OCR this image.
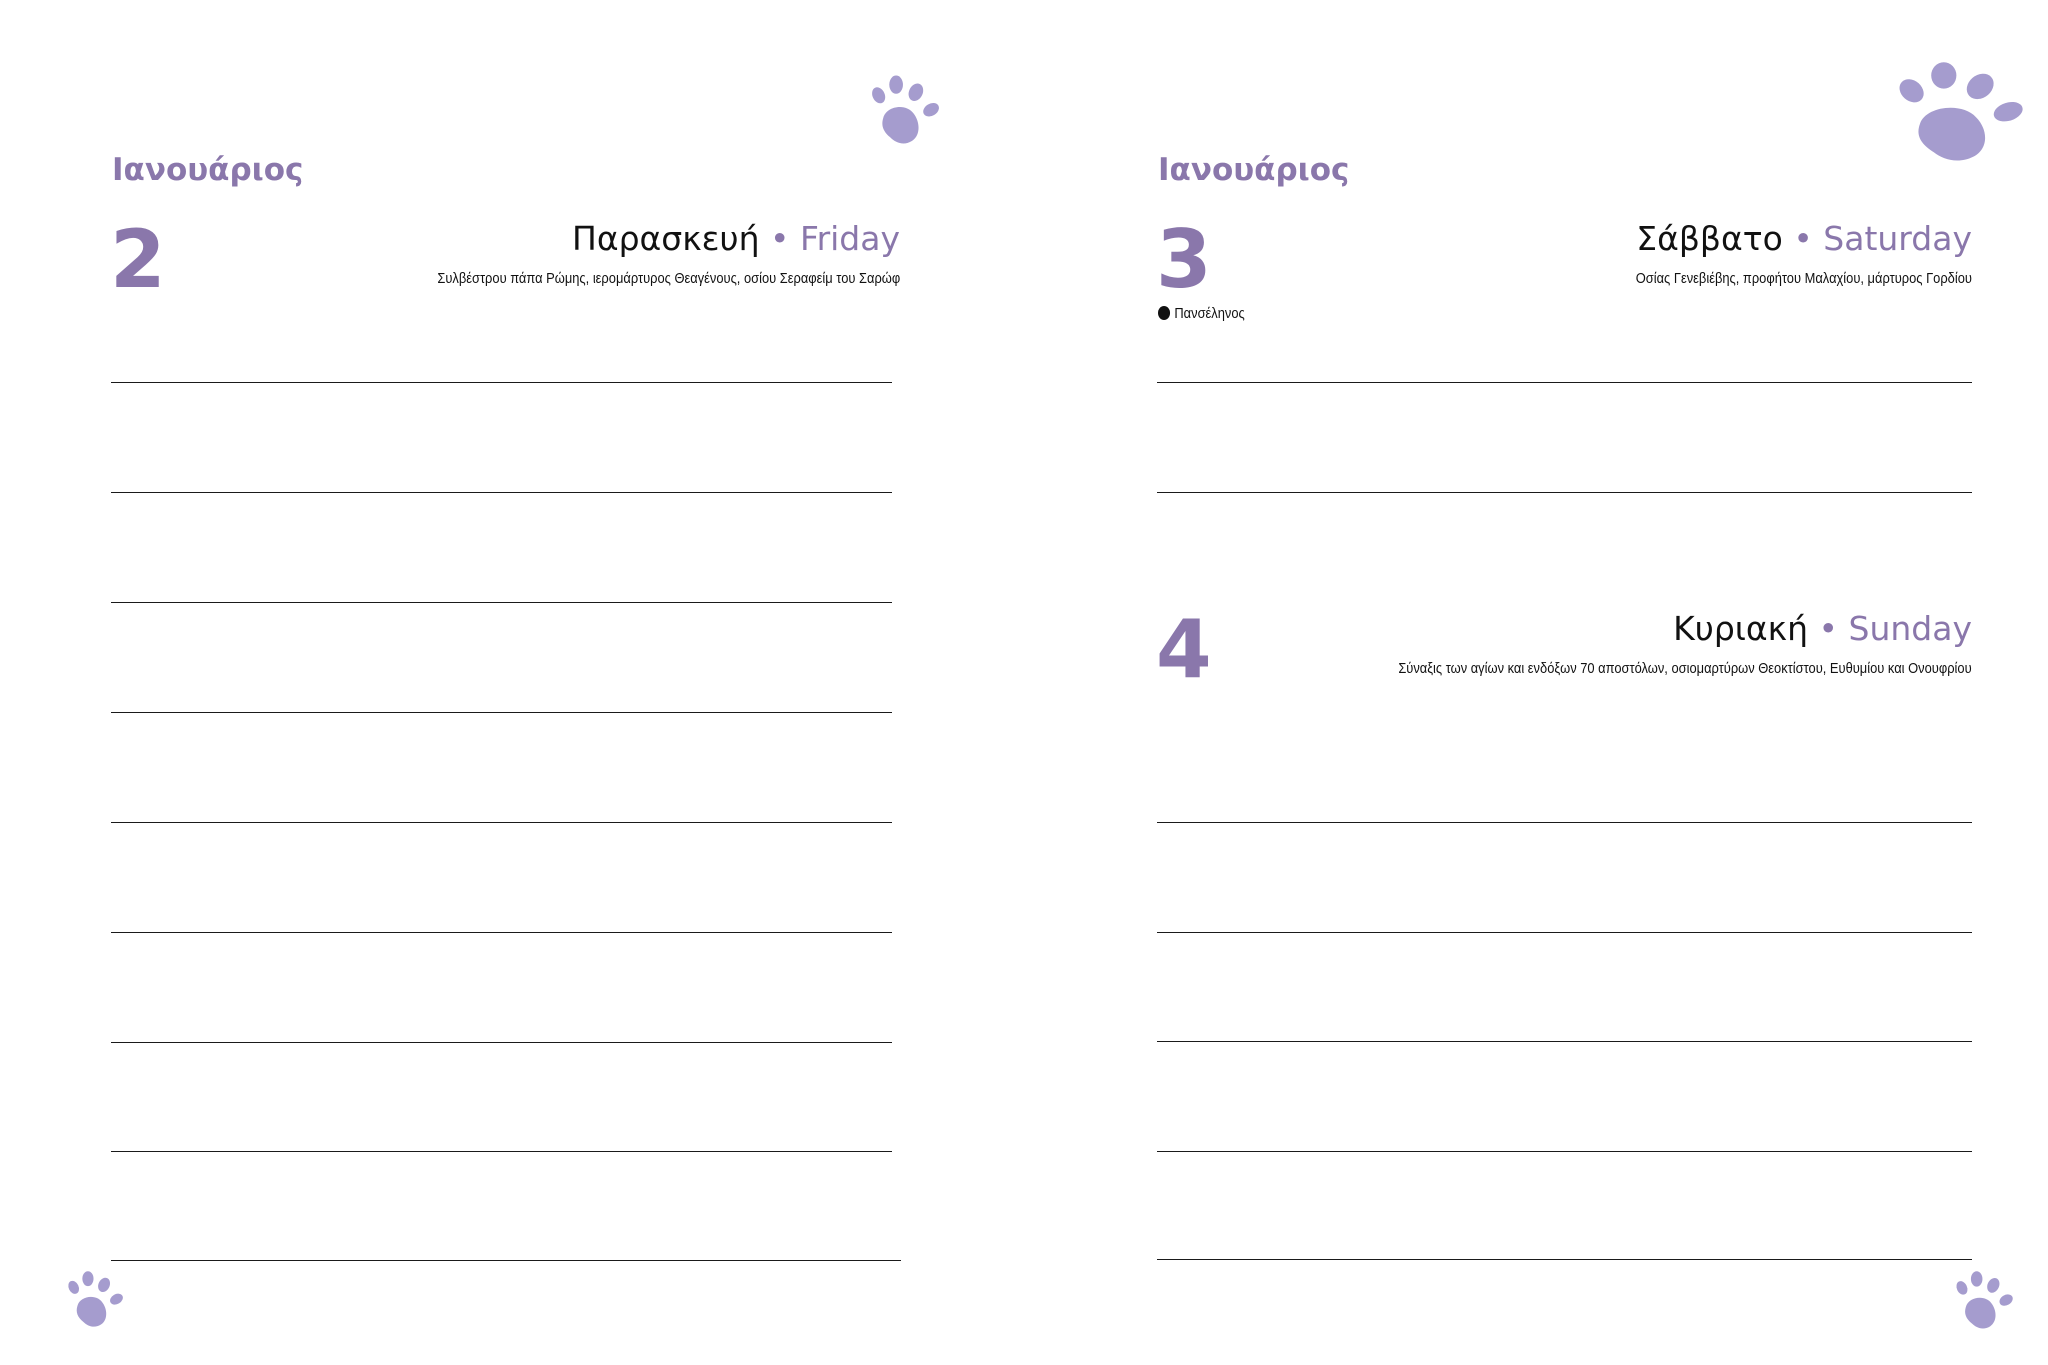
Ιανουάριος
2	Παρασκευή • Friday
Συλβέστρου πάπα Ρώμης, ιερομάρτυρος Θεαγένους, οσίου Σεραφείμ του Σαρώφ
Ιανουάριος
3	Σάββατο • Saturday
Οσίας Γενεβιέβης, προφήτου Μαλαχίου, μάρτυρος Γορδίου
Πανσέληνος
4	Κυριακή • Sunday
Σύναξις των αγίων και ενδόξων 70 αποστόλων, οσιομαρτύρων Θεοκτίστου, Ευθυμίου και Ονουφρίου
